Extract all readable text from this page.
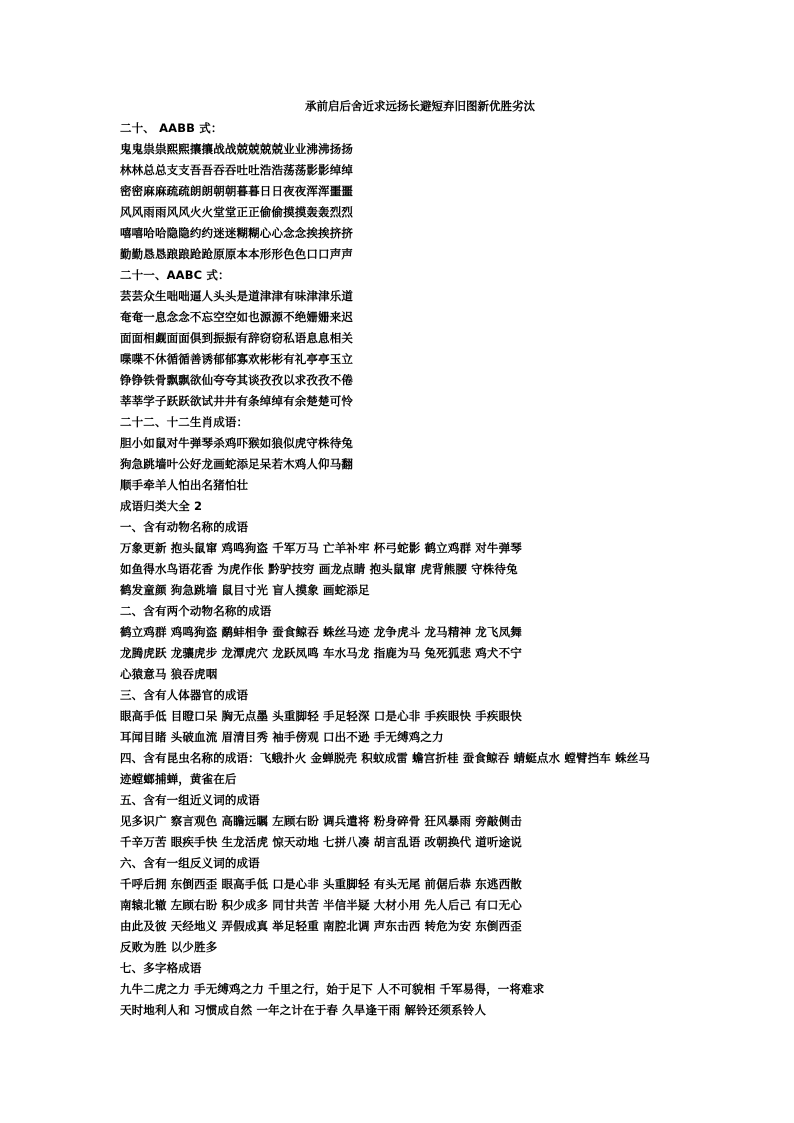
承前启后舍近求远扬长避短弃旧图新优胜劣汰
二十、 AABB 式：
鬼鬼祟祟熙熙攘攘战战兢兢兢兢业业沸沸扬扬
林林总总支支吾吾吞吞吐吐浩浩荡荡影影绰绰
密密麻麻疏疏朗朗朝朝暮暮日日夜夜浑浑噩噩
风风雨雨风风火火堂堂正正偷偷摸摸轰轰烈烈
嘻嘻哈哈隐隐约约迷迷糊糊心心念念挨挨挤挤
勤勤恳恳踉踉跄跄原原本本形形色色口口声声
二十一、AABC 式：
芸芸众生咄咄逼人头头是道津津有味津津乐道
奄奄一息念念不忘空空如也源源不绝姗姗来迟
面面相觑面面俱到振振有辞窃窃私语息息相关
喋喋不休循循善诱郁郁寡欢彬彬有礼亭亭玉立
铮铮铁骨飘飘欲仙夸夸其谈孜孜以求孜孜不倦
莘莘学子跃跃欲试井井有条绰绰有余楚楚可怜
二十二、十二生肖成语：
胆小如鼠对牛弹琴杀鸡吓猴如狼似虎守株待兔
狗急跳墙叶公好龙画蛇添足呆若木鸡人仰马翻
顺手牵羊人怕出名猪怕壮
成语归类大全 2
一、含有动物名称的成语
万象更新 抱头鼠窜 鸡鸣狗盗 千军万马 亡羊补牢 杯弓蛇影 鹤立鸡群 对牛弹琴
如鱼得水鸟语花香 为虎作伥 黔驴技穷 画龙点睛 抱头鼠窜 虎背熊腰 守株待兔
鹤发童颜 狗急跳墙 鼠目寸光 盲人摸象 画蛇添足
二、含有两个动物名称的成语
鹤立鸡群 鸡鸣狗盗 鹬蚌相争 蚕食鲸吞 蛛丝马迹 龙争虎斗 龙马精神 龙飞凤舞
龙腾虎跃 龙骧虎步 龙潭虎穴 龙跃凤鸣 车水马龙 指鹿为马 兔死狐悲 鸡犬不宁
心猿意马 狼吞虎咽
三、含有人体器官的成语
眼高手低 目瞪口呆 胸无点墨 头重脚轻 手足轻深 口是心非 手疾眼快 手疾眼快
耳闻目睹 头破血流 眉清目秀 袖手傍观 口出不逊 手无缚鸡之力
四、含有昆虫名称的成语：飞蛾扑火 金蝉脱壳 积蚊成雷 蟾宫折桂 蚕食鲸吞 蜻蜓点水 螳臂挡车 蛛丝马
迹螳螂捕蝉，黄雀在后
五、含有一组近义词的成语
见多识广 察言观色 高瞻远瞩 左顾右盼 调兵遣将 粉身碎骨 狂风暴雨 旁敲侧击
千辛万苦 眼疾手快 生龙活虎 惊天动地 七拼八凑 胡言乱语 改朝换代 道听途说
六、含有一组反义词的成语
千呼后拥 东倒西歪 眼高手低 口是心非 头重脚轻 有头无尾 前倨后恭 东逃西散
南辕北辙 左顾右盼 积少成多 同甘共苦 半信半疑 大材小用 先人后己 有口无心
由此及彼 天经地义 弄假成真 举足轻重 南腔北调 声东击西 转危为安 东倒西歪
反败为胜 以少胜多
七、多字格成语
九牛二虎之力 手无缚鸡之力 千里之行，始于足下 人不可貌相 千军易得，一将难求
天时地利人和 习惯成自然 一年之计在于春 久旱逢干雨 解铃还须系铃人
